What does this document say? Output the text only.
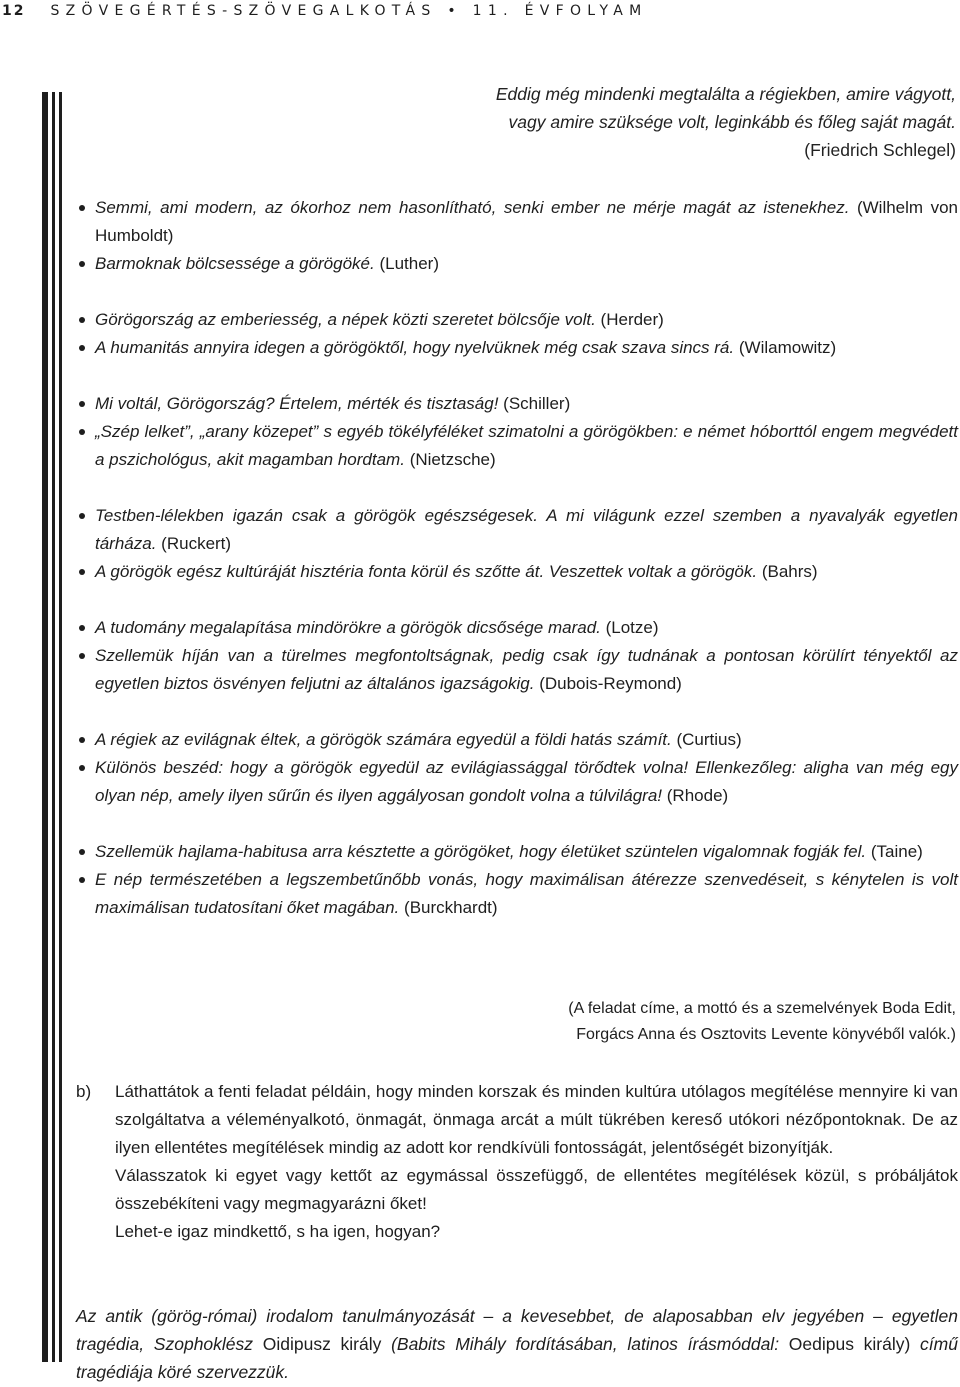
12 SZÖVEGÉRTÉS-SZÖVEGALKOTÁS • 11. ÉVFOLYAM
Eddig még mindenki megtalálta a régiekben, amire vágyott,
vagy amire szüksége volt, leginkább és főleg saját magát.
(Friedrich Schlegel)
Semmi, ami modern, az ókorhoz nem hasonlítható, senki ember ne mérje magát az istenekhez. (Wilhelm von Humboldt)
Barmoknak bölcsessége a görögöké. (Luther)
Görögország az emberiesség, a népek közti szeretet bölcsője volt. (Herder)
A humanitás annyira idegen a görögöktől, hogy nyelvüknek még csak szava sincs rá. (Wilamowitz)
Mi voltál, Görögország? Értelem, mérték és tisztaság! (Schiller)
„Szép lelket”, „arany közepet” s egyéb tökélyféléket szimatolni a görögökben: e német hóborttól engem megvédett a pszichológus, akit magamban hordtam. (Nietzsche)
Testben-lélekben igazán csak a görögök egészségesek. A mi világunk ezzel szemben a nyavalyák egyetlen tárháza. (Ruckert)
A görögök egész kultúráját hisztéria fonta körül és szőtte át. Veszettek voltak a görögök. (Bahrs)
A tudomány megalapítása mindörökre a görögök dicsősége marad. (Lotze)
Szellemük híján van a türelmes megfontoltságnak, pedig csak így tudnának a pontosan körülírt tényektől az egyetlen biztos ösvényen feljutni az általános igazságokig. (Dubois-Reymond)
A régiek az evilágnak éltek, a görögök számára egyedül a földi hatás számít. (Curtius)
Különös beszéd: hogy a görögök egyedül az evilágiassággal törődtek volna! Ellenkezőleg: aligha van még egy olyan nép, amely ilyen sűrűn és ilyen aggályosan gondolt volna a túlvilágra! (Rhode)
Szellemük hajlama-habitusa arra késztette a görögöket, hogy életüket szüntelen vigalomnak fogják fel. (Taine)
E nép természetében a legszembetűnőbb vonás, hogy maximálisan átérezze szenvedéseit, s kénytelen is volt maximálisan tudatosítani őket magában. (Burckhardt)
(A feladat címe, a mottó és a szemelvények Boda Edit,
Forgács Anna és Osztovits Levente könyvéből valók.)
b) Láthattátok a fenti feladat példáin, hogy minden korszak és minden kultúra utólagos megítélése mennyire ki van szolgáltatva a véleményalkotó, önmagát, önmaga arcát a múlt tükrében kereső utókori nézőpontoknak. De az ilyen ellentétes megítélések mindig az adott kor rendkívüli fontosságát, jelentőségét bizonyítják.

Válasszatok ki egyet vagy kettőt az egymással összefüggő, de ellentétes megítélések közül, s próbáljátok összebékíteni vagy megmagyarázni őket!

Lehet-e igaz mindkettő, s ha igen, hogyan?

Az antik (görög-római) irodalom tanulmányozását – a kevesebbet, de alaposabban elv jegyében – egyetlen tragédia, Szophoklész Oidipusz király (Babits Mihály fordításában, latinos írásmóddal: Oedipus király) című tragédiája köré szervezzük.
